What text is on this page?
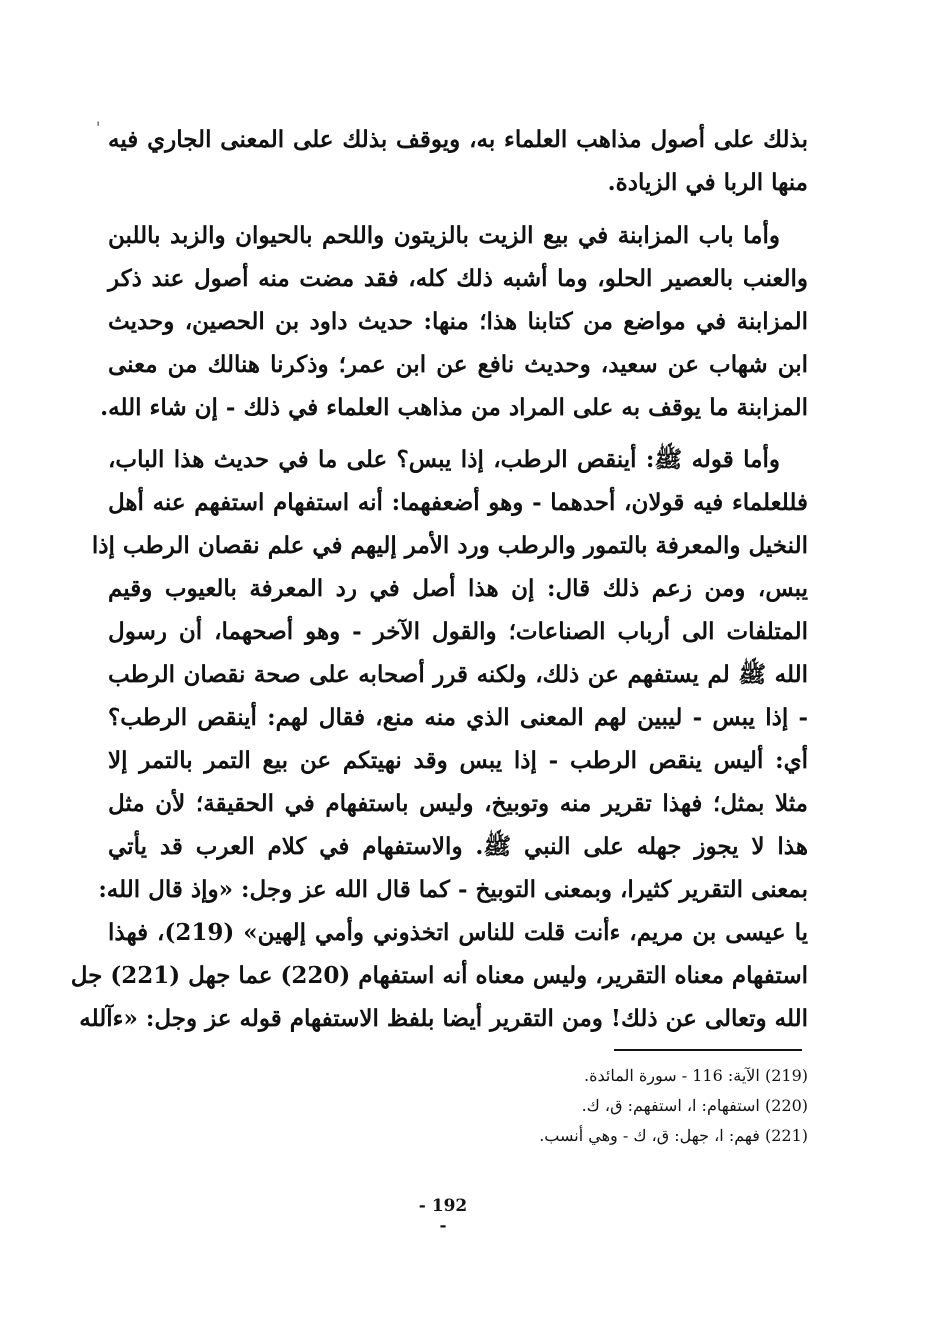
' بذلك على أصول مذاهب العلماء به، ويوقف بذلك على المعنى الجاري فيه
منها الربا في الزيادة.
وأما باب المزابنة في بيع الزيت بالزيتون واللحم بالحيوان والزبد باللبن
والعنب بالعصير الحلو، وما أشبه ذلك كله، فقد مضت منه أصول عند ذكر
المزابنة في مواضع من كتابنا هذا؛ منها: حديث داود بن الحصين، وحديث
ابن شهاب عن سعيد، وحديث نافع عن ابن عمر؛ وذكرنا هنالك من معنى
المزابنة ما يوقف به على المراد من مذاهب العلماء في ذلك - إن شاء الله.
وأما قوله ﷺ: أينقص الرطب، إذا يبس؟ على ما في حديث هذا الباب،
فللعلماء فيه قولان، أحدهما - وهو أضعفهما: أنه استفهام استفهم عنه أهل
النخيل والمعرفة بالتمور والرطب ورد الأمر إليهم في علم نقصان الرطب إذا
يبس، ومن زعم ذلك قال: إن هذا أصل في رد المعرفة بالعيوب وقيم
المتلفات الى أرباب الصناعات؛ والقول الآخر - وهو أصحهما، أن رسول
الله ﷺ لم يستفهم عن ذلك، ولكنه قرر أصحابه على صحة نقصان الرطب
- إذا يبس - ليبين لهم المعنى الذي منه منع، فقال لهم: أينقص الرطب؟
أي: أليس ينقص الرطب - إذا يبس وقد نهيتكم عن بيع التمر بالتمر إلا
مثلا بمثل؛ فهذا تقرير منه وتوبيخ، وليس باستفهام في الحقيقة؛ لأن مثل
هذا لا يجوز جهله على النبي ﷺ. والاستفهام في كلام العرب قد يأتي
بمعنى التقرير كثيرا، وبمعنى التوبيخ - كما قال الله عز وجل: «وإذ قال الله:
يا عيسى بن مريم، ءأنت قلت للناس اتخذوني وأمي إلهين» (219)، فهذا
استفهام معناه التقرير، وليس معناه أنه استفهام (220) عما جهل (221) جل
الله وتعالى عن ذلك! ومن التقرير أيضا بلفظ الاستفهام قوله عز وجل: «ءآلله
(219) الآية: 116 - سورة المائدة.
(220) استفهام: ا، استفهم: ق، ك.
(221) فهم: ا، جهل: ق، ك - وهي أنسب.
- 192 -
